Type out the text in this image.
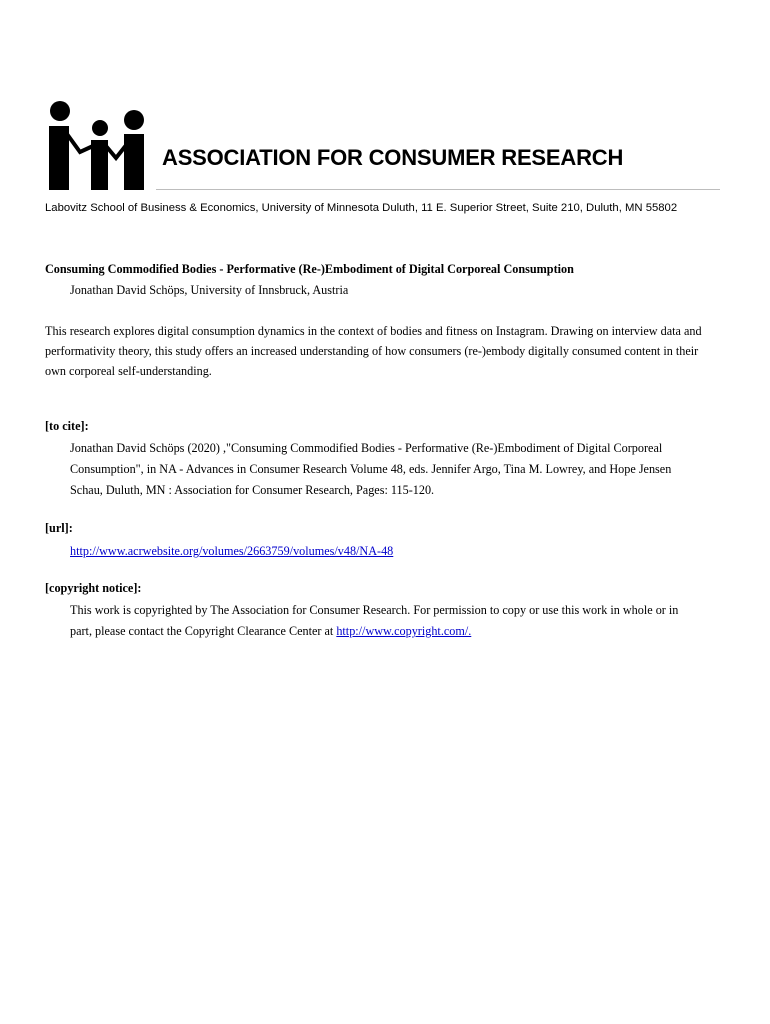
ASSOCIATION FOR CONSUMER RESEARCH
Labovitz School of Business & Economics, University of Minnesota Duluth, 11 E. Superior Street, Suite 210, Duluth, MN 55802
Consuming Commodified Bodies - Performative (Re-)Embodiment of Digital Corporeal Consumption
Jonathan David Schöps, University of Innsbruck, Austria
This research explores digital consumption dynamics in the context of bodies and fitness on Instagram. Drawing on interview data and
performativity theory, this study offers an increased understanding of how consumers (re-)embody digitally consumed content in their
own corporeal self-understanding.
[to cite]:
Jonathan David Schöps (2020) ,"Consuming Commodified Bodies - Performative (Re-)Embodiment of Digital Corporeal
Consumption", in NA - Advances in Consumer Research Volume 48, eds. Jennifer Argo, Tina M. Lowrey, and Hope Jensen
Schau, Duluth, MN : Association for Consumer Research, Pages: 115-120.
[url]:
http://www.acrwebsite.org/volumes/2663759/volumes/v48/NA-48
[copyright notice]:
This work is copyrighted by The Association for Consumer Research. For permission to copy or use this work in whole or in
part, please contact the Copyright Clearance Center at http://www.copyright.com/.
